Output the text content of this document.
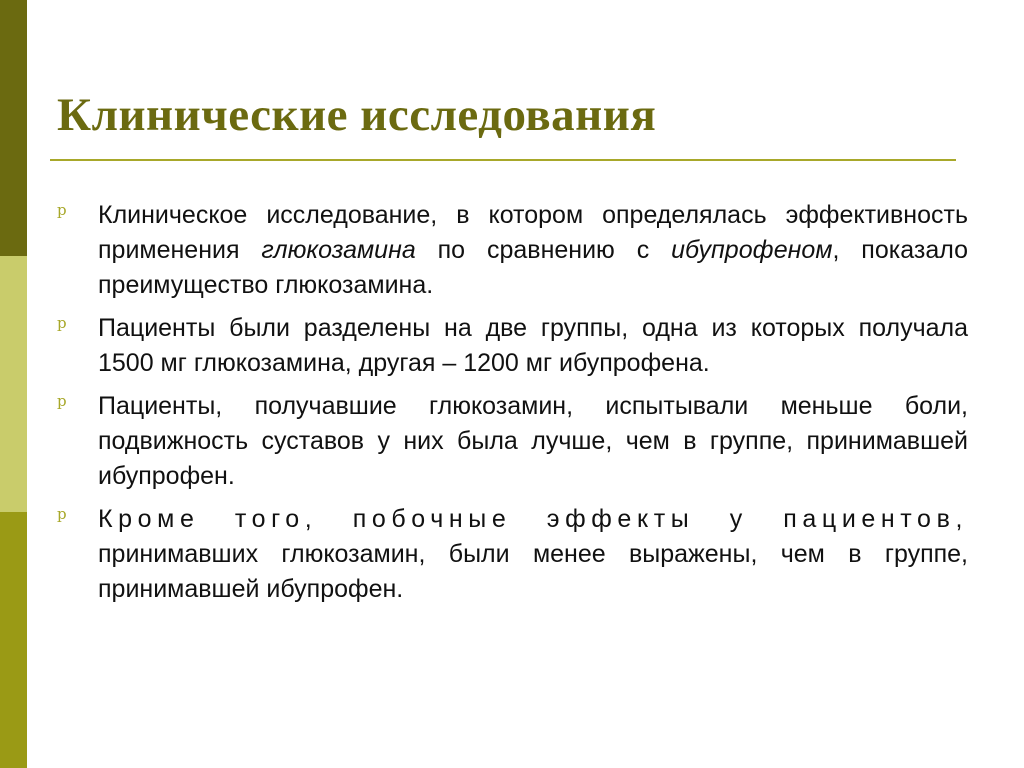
Клинические исследования
p Клиническое исследование, в котором определялась эффективность применения глюкозамина по сравнению с ибупрофеном, показало преимущество глюкозамина.
p Пациенты были разделены на две группы, одна из которых получала 1500 мг глюкозамина, другая – 1200 мг ибупрофена.
p Пациенты, получавшие глюкозамин, испытывали меньше боли, подвижность суставов у них была лучше, чем в группе, принимавшей ибупрофен.
p Кроме того, побочные эффекты у пациентов, принимавших глюкозамин, были менее выражены, чем в группе, принимавшей ибупрофен.
